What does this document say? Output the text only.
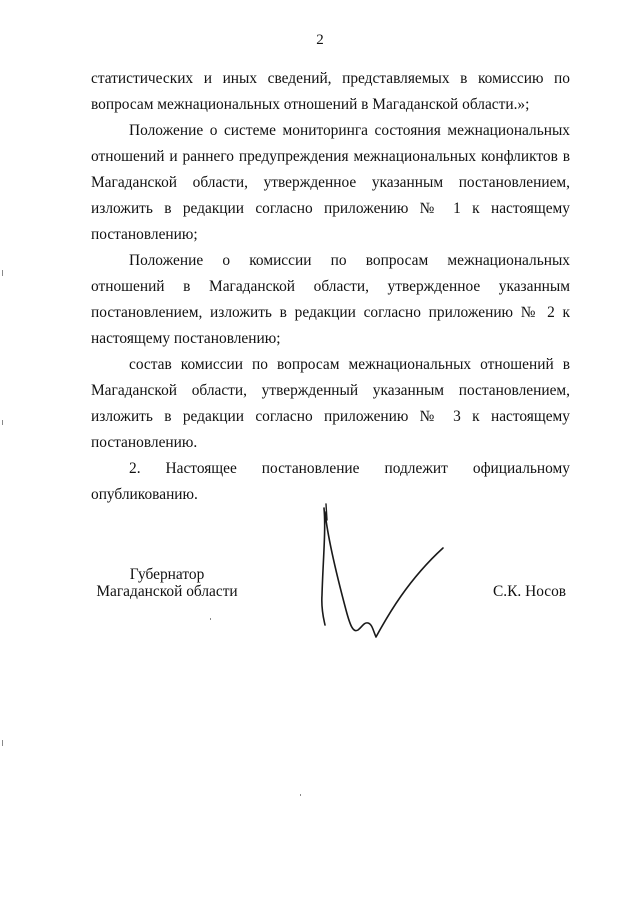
2

статистических и иных сведений, представляемых в комиссию по вопросам межнациональных отношений в Магаданской области.»;

Положение о системе мониторинга состояния межнациональных отношений и раннего предупреждения межнациональных конфликтов в Магаданской области, утвержденное указанным постановлением, изложить в редакции согласно приложению № 1 к настоящему постановлению;

Положение о комиссии по вопросам межнациональных отношений в Магаданской области, утвержденное указанным постановлением, изложить в редакции согласно приложению № 2 к настоящему постановлению;

состав комиссии по вопросам межнациональных отношений в Магаданской области, утвержденный указанным постановлением, изложить в редакции согласно приложению № 3 к настоящему постановлению.

2. Настоящее постановление подлежит официальному опубликованию.

Губернатор
Магаданской области	С.К. Носов
